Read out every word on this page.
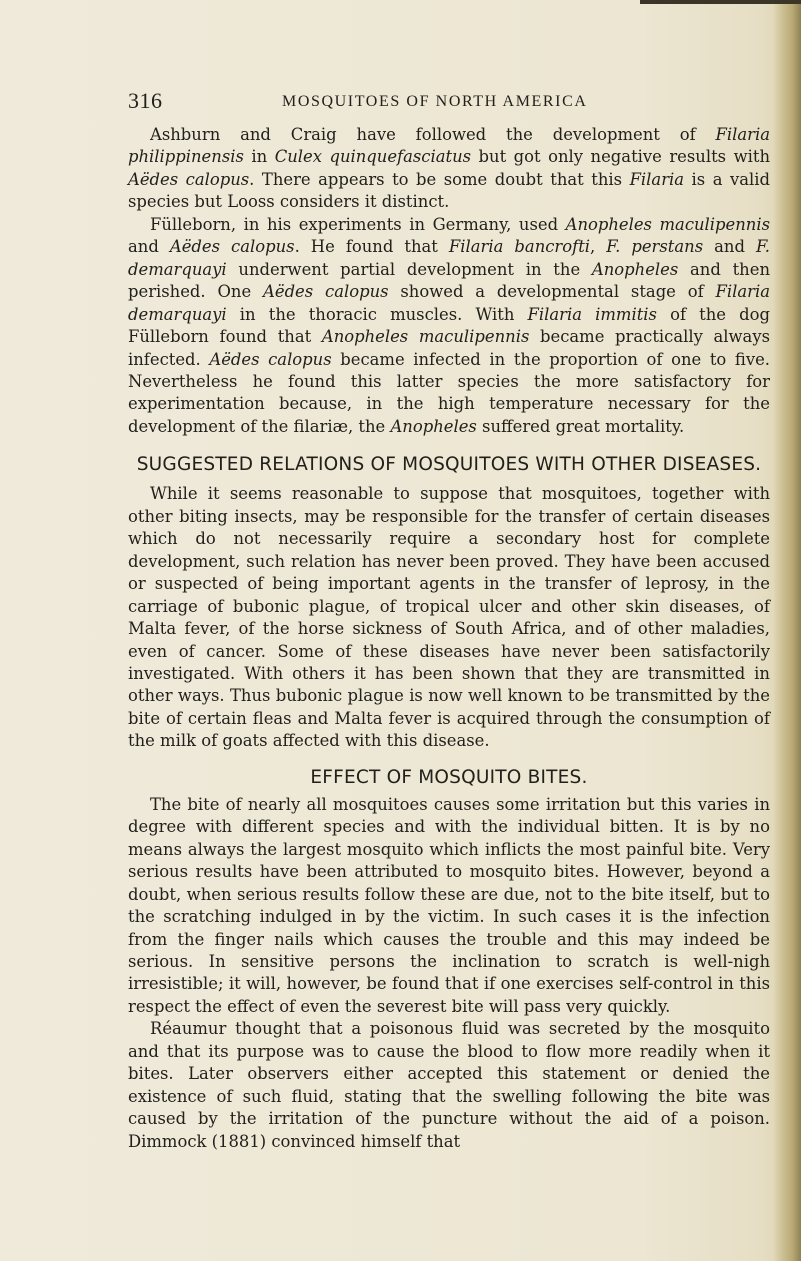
316	MOSQUITOES OF NORTH AMERICA

Ashburn and Craig have followed the development of Filaria philippinensis in Culex quinquefasciatus but got only negative results with Aëdes calopus. There appears to be some doubt that this Filaria is a valid species but Looss considers it distinct.

Fülleborn, in his experiments in Germany, used Anopheles maculipennis and Aëdes calopus. He found that Filaria bancrofti, F. perstans and F. demarquayi underwent partial development in the Anopheles and then perished. One Aëdes calopus showed a developmental stage of Filaria demarquayi in the thoracic muscles. With Filaria immitis of the dog Fülleborn found that Anopheles maculipennis became practically always infected. Aëdes calopus became infected in the proportion of one to five. Nevertheless he found this latter species the more satisfactory for experimentation because, in the high temperature necessary for the development of the filariæ, the Anopheles suffered great mortality.

SUGGESTED RELATIONS OF MOSQUITOES WITH OTHER DISEASES.

While it seems reasonable to suppose that mosquitoes, together with other biting insects, may be responsible for the transfer of certain diseases which do not necessarily require a secondary host for complete development, such relation has never been proved. They have been accused or suspected of being important agents in the transfer of leprosy, in the carriage of bubonic plague, of tropical ulcer and other skin diseases, of Malta fever, of the horse sickness of South Africa, and of other maladies, even of cancer. Some of these diseases have never been satisfactorily investigated. With others it has been shown that they are transmitted in other ways. Thus bubonic plague is now well known to be transmitted by the bite of certain fleas and Malta fever is acquired through the consumption of the milk of goats affected with this disease.

EFFECT OF MOSQUITO BITES.

The bite of nearly all mosquitoes causes some irritation but this varies in degree with different species and with the individual bitten. It is by no means always the largest mosquito which inflicts the most painful bite. Very serious results have been attributed to mosquito bites. However, beyond a doubt, when serious results follow these are due, not to the bite itself, but to the scratching indulged in by the victim. In such cases it is the infection from the finger nails which causes the trouble and this may indeed be serious. In sensitive persons the inclination to scratch is well-nigh irresistible; it will, however, be found that if one exercises self-control in this respect the effect of even the severest bite will pass very quickly.

Réaumur thought that a poisonous fluid was secreted by the mosquito and that its purpose was to cause the blood to flow more readily when it bites. Later observers either accepted this statement or denied the existence of such fluid, stating that the swelling following the bite was caused by the irritation of the puncture without the aid of a poison. Dimmock (1881) convinced himself that
